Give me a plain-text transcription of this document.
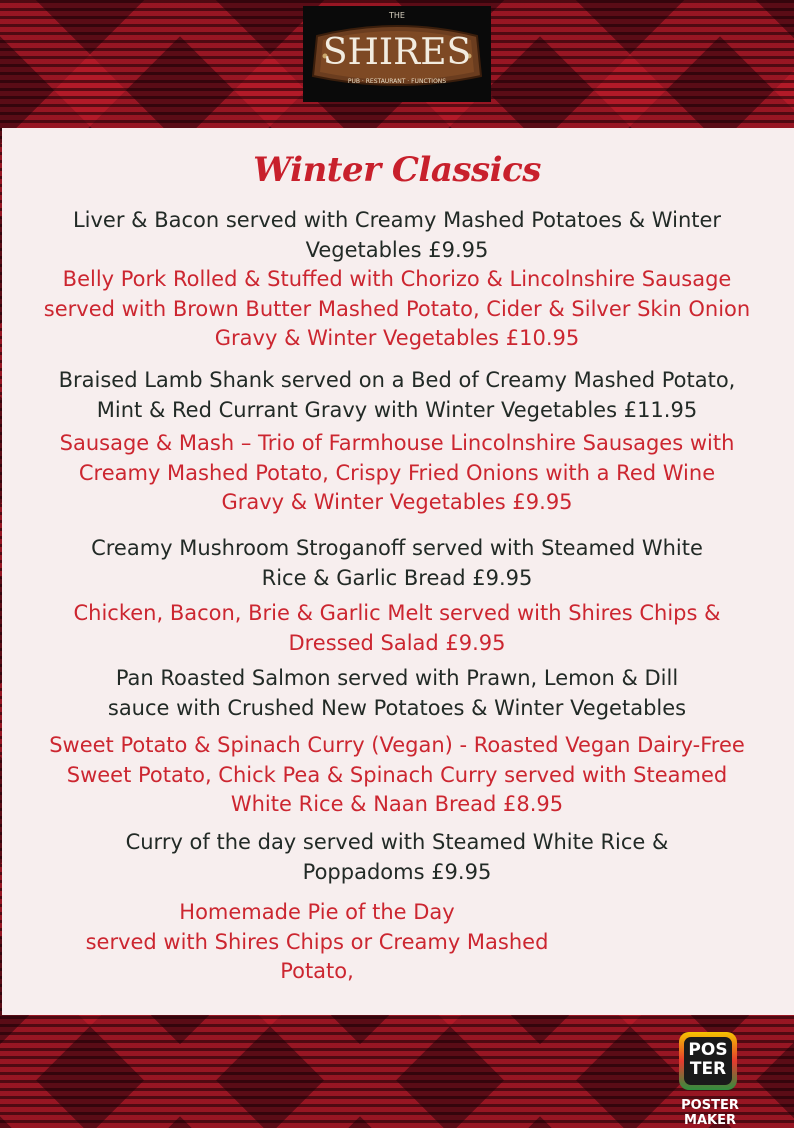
THE
SHIRES
PUB · RESTAURANT · FUNCTIONS
Winter Classics
Liver & Bacon served with Creamy Mashed Potatoes & Winter
Vegetables £9.95
Belly Pork Rolled & Stuffed with Chorizo & Lincolnshire Sausage
served with Brown Butter Mashed Potato, Cider & Silver Skin Onion
Gravy & Winter Vegetables £10.95
Braised Lamb Shank served on a Bed of Creamy Mashed Potato,
Mint & Red Currant Gravy with Winter Vegetables £11.95
Sausage & Mash – Trio of Farmhouse Lincolnshire Sausages with
Creamy Mashed Potato, Crispy Fried Onions with a Red Wine
Gravy & Winter Vegetables £9.95
Creamy Mushroom Stroganoff served with Steamed White
Rice & Garlic Bread £9.95
Chicken, Bacon, Brie & Garlic Melt served with Shires Chips &
Dressed Salad £9.95
Pan Roasted Salmon served with Prawn, Lemon & Dill
sauce with Crushed New Potatoes & Winter Vegetables
Sweet Potato & Spinach Curry (Vegan) - Roasted Vegan Dairy-Free
Sweet Potato, Chick Pea & Spinach Curry served with Steamed
White Rice & Naan Bread £8.95
Curry of the day served with Steamed White Rice &
Poppadoms £9.95
Homemade Pie of the Day
served with Shires Chips or Creamy Mashed
Potato,
POS
TER
POSTER MAKER
